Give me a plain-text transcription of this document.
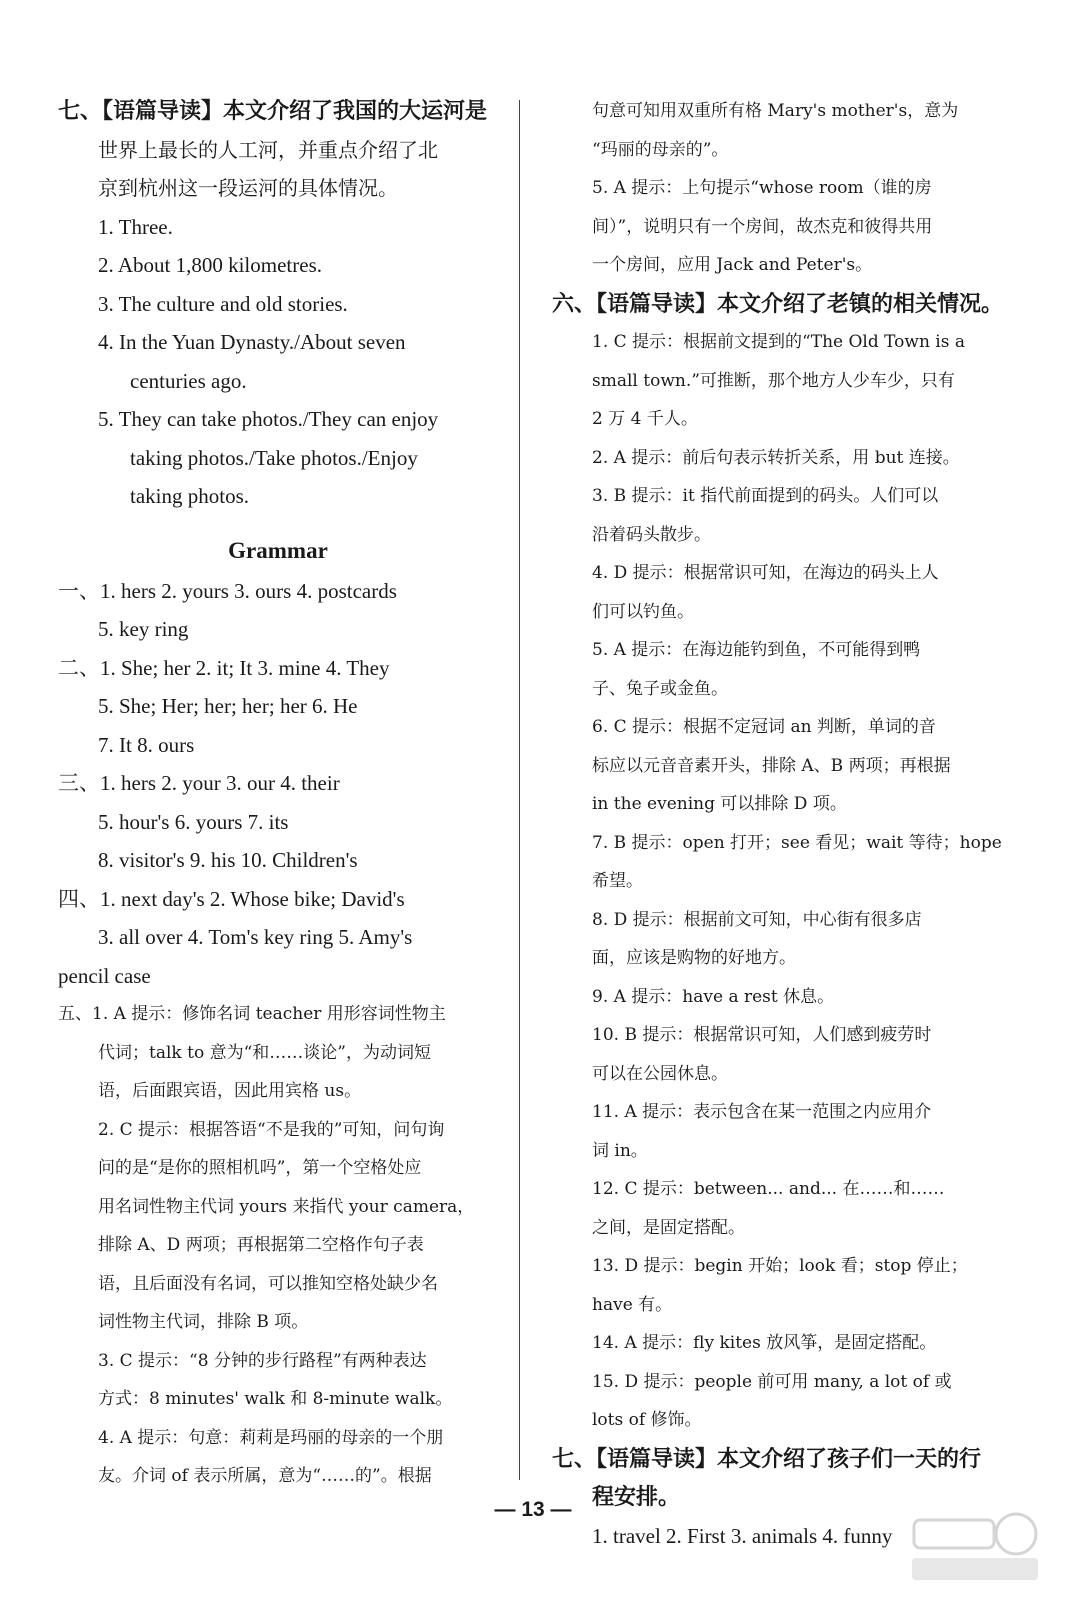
七、【语篇导读】本文介绍了我国的大运河是
世界上最长的人工河，并重点介绍了北
京到杭州这一段运河的具体情况。
1. Three.
2. About 1,800 kilometres.
3. The culture and old stories.
4. In the Yuan Dynasty./About seven
centuries ago.
5. They can take photos./They can enjoy
taking photos./Take photos./Enjoy
taking photos.
Grammar
一、1. hers 2. yours 3. ours 4. postcards
5. key ring
二、1. She; her 2. it; It 3. mine 4. They
5. She; Her; her; her; her 6. He
7. It 8. ours
三、1. hers 2. your 3. our 4. their
5. hour's 6. yours 7. its
8. visitor's 9. his 10. Children's
四、1. next day's 2. Whose bike; David's
3. all over 4. Tom's key ring 5. Amy's
pencil case
五、1. A 提示：修饰名词 teacher 用形容词性物主
代词；talk to 意为“和……谈论”，为动词短
语，后面跟宾语，因此用宾格 us。
2. C 提示：根据答语“不是我的”可知，问句询
问的是“是你的照相机吗”，第一个空格处应
用名词性物主代词 yours 来指代 your camera，
排除 A、D 两项；再根据第二空格作句子表
语，且后面没有名词，可以推知空格处缺少名
词性物主代词，排除 B 项。
3. C 提示：“8 分钟的步行路程”有两种表达
方式：8 minutes' walk 和 8-minute walk。
4. A 提示：句意：莉莉是玛丽的母亲的一个朋
友。介词 of 表示所属，意为“……的”。根据
句意可知用双重所有格 Mary's mother's，意为
“玛丽的母亲的”。
5. A 提示：上句提示“whose room（谁的房
间）”，说明只有一个房间，故杰克和彼得共用
一个房间，应用 Jack and Peter's。
六、【语篇导读】本文介绍了老镇的相关情况。
1. C 提示：根据前文提到的“The Old Town is a
small town.”可推断，那个地方人少车少，只有
2 万 4 千人。
2. A 提示：前后句表示转折关系，用 but 连接。
3. B 提示：it 指代前面提到的码头。人们可以
沿着码头散步。
4. D 提示：根据常识可知，在海边的码头上人
们可以钓鱼。
5. A 提示：在海边能钓到鱼，不可能得到鸭
子、兔子或金鱼。
6. C 提示：根据不定冠词 an 判断，单词的音
标应以元音音素开头，排除 A、B 两项；再根据
in the evening 可以排除 D 项。
7. B 提示：open 打开；see 看见；wait 等待；hope
希望。
8. D 提示：根据前文可知，中心街有很多店
面，应该是购物的好地方。
9. A 提示：have a rest 休息。
10. B 提示：根据常识可知，人们感到疲劳时
可以在公园休息。
11. A 提示：表示包含在某一范围之内应用介
词 in。
12. C 提示：between... and... 在……和……
之间，是固定搭配。
13. D 提示：begin 开始；look 看；stop 停止；
have 有。
14. A 提示：fly kites 放风筝，是固定搭配。
15. D 提示：people 前可用 many, a lot of 或
lots of 修饰。
七、【语篇导读】本文介绍了孩子们一天的行
程安排。
1. travel 2. First 3. animals 4. funny
— 13 —
